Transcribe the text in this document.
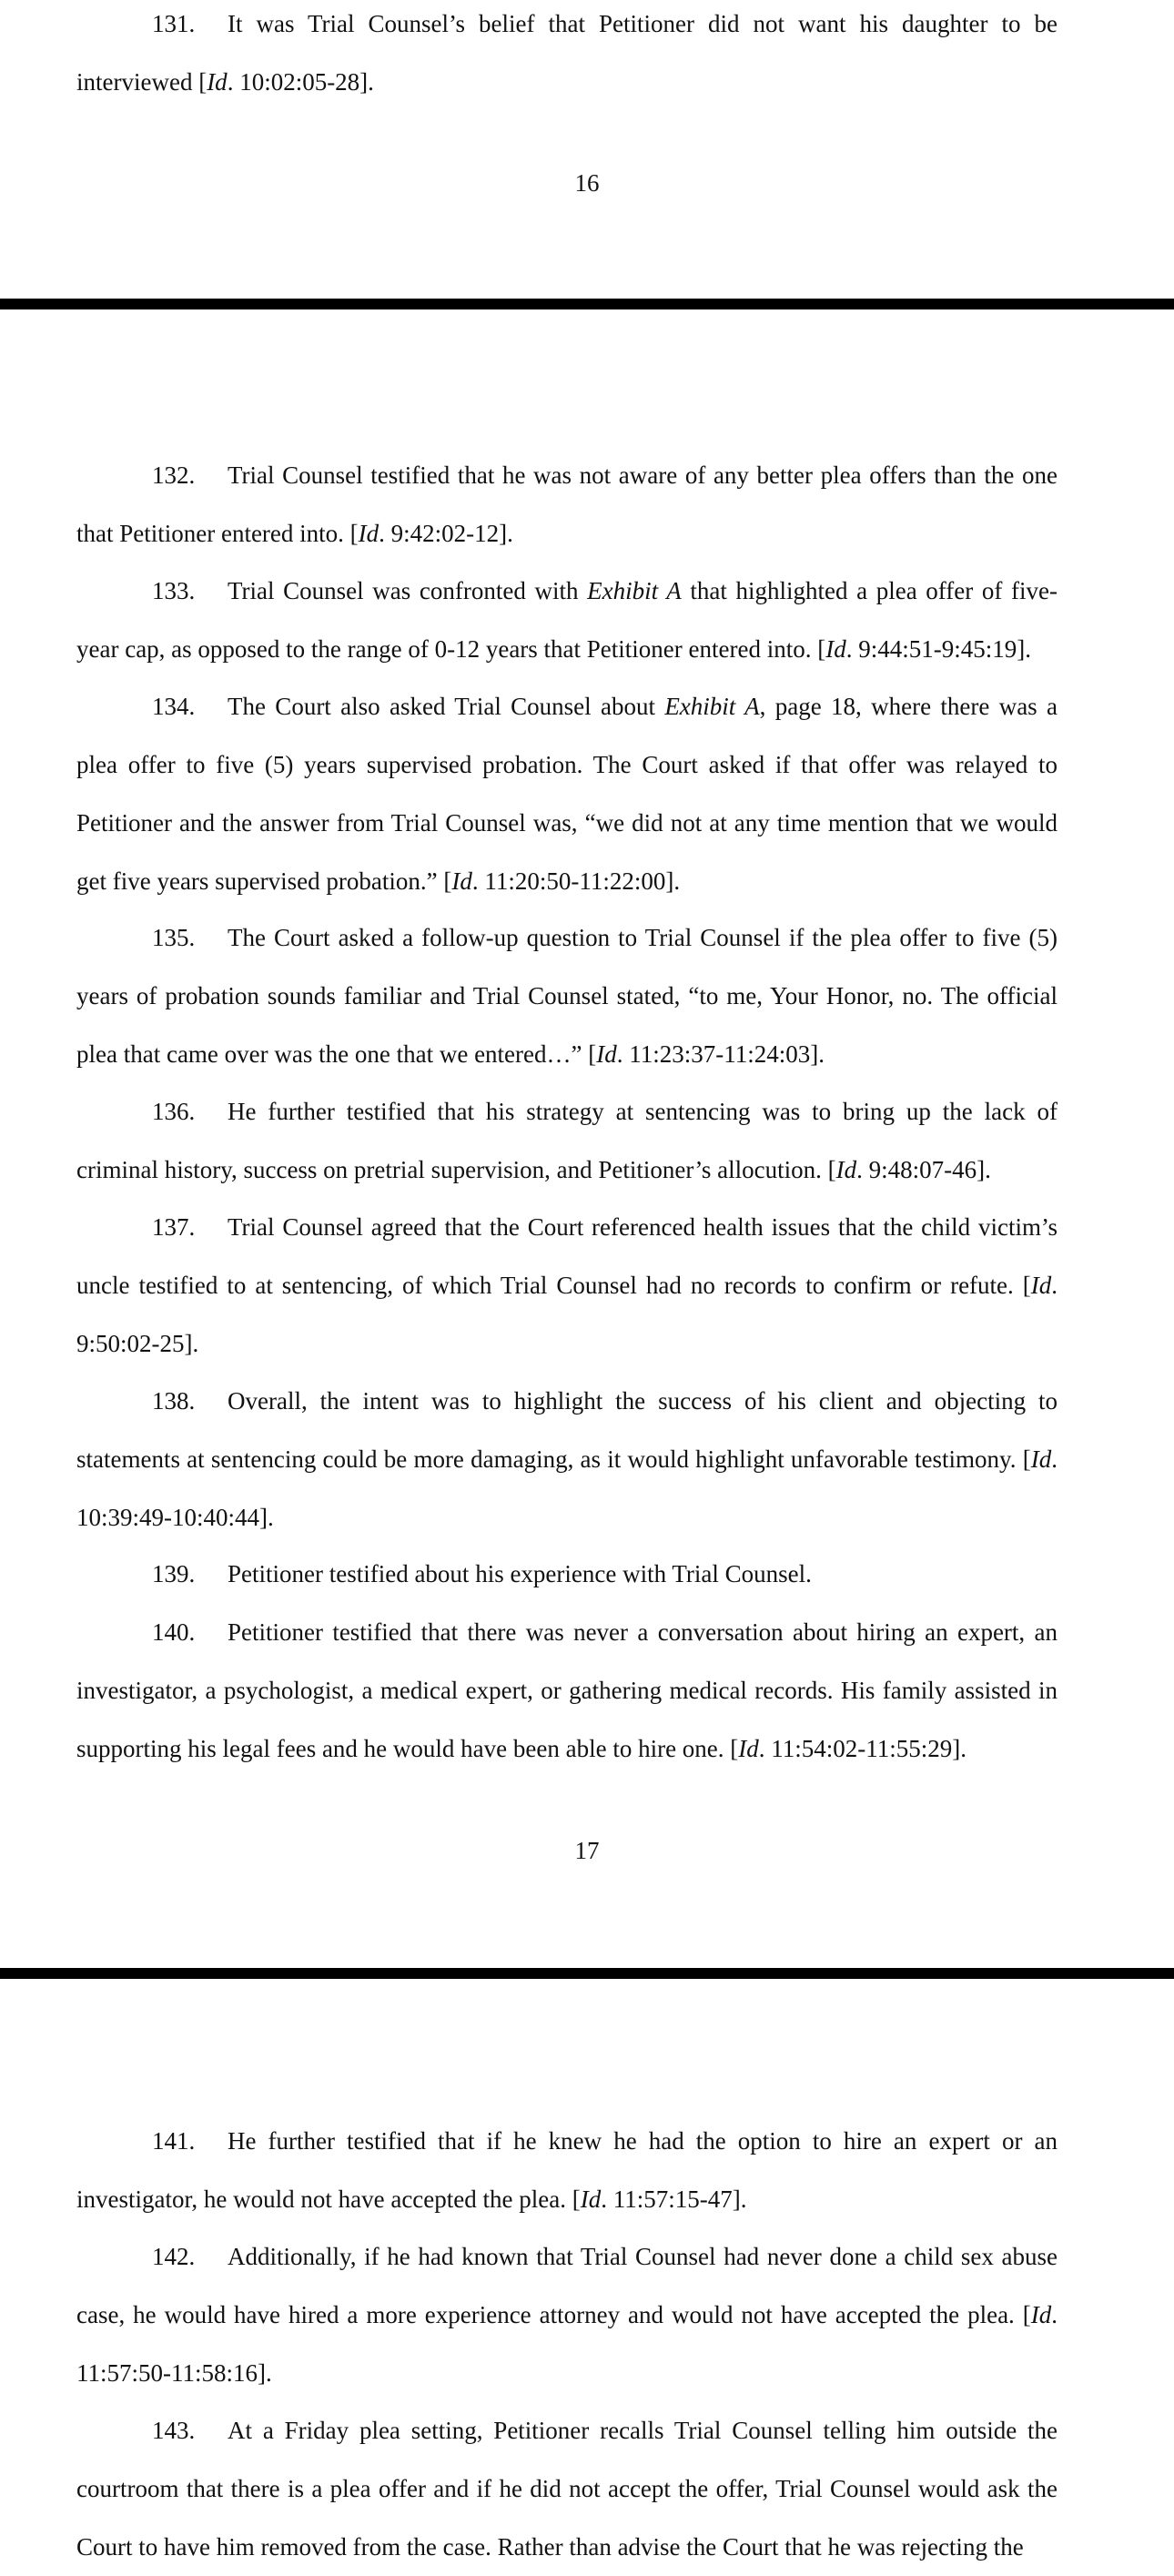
131. It was Trial Counsel’s belief that Petitioner did not want his daughter to be interviewed [Id. 10:02:05-28].

16

132. Trial Counsel testified that he was not aware of any better plea offers than the one that Petitioner entered into. [Id. 9:42:02-12].

133. Trial Counsel was confronted with Exhibit A that highlighted a plea offer of five-year cap, as opposed to the range of 0-12 years that Petitioner entered into. [Id. 9:44:51-9:45:19].

134. The Court also asked Trial Counsel about Exhibit A, page 18, where there was a plea offer to five (5) years supervised probation. The Court asked if that offer was relayed to Petitioner and the answer from Trial Counsel was, “we did not at any time mention that we would get five years supervised probation.” [Id. 11:20:50-11:22:00].

135. The Court asked a follow-up question to Trial Counsel if the plea offer to five (5) years of probation sounds familiar and Trial Counsel stated, “to me, Your Honor, no. The official plea that came over was the one that we entered…” [Id. 11:23:37-11:24:03].

136. He further testified that his strategy at sentencing was to bring up the lack of criminal history, success on pretrial supervision, and Petitioner’s allocution. [Id. 9:48:07-46].

137. Trial Counsel agreed that the Court referenced health issues that the child victim’s uncle testified to at sentencing, of which Trial Counsel had no records to confirm or refute. [Id. 9:50:02-25].

138. Overall, the intent was to highlight the success of his client and objecting to statements at sentencing could be more damaging, as it would highlight unfavorable testimony. [Id. 10:39:49-10:40:44].

139. Petitioner testified about his experience with Trial Counsel.

140. Petitioner testified that there was never a conversation about hiring an expert, an investigator, a psychologist, a medical expert, or gathering medical records. His family assisted in supporting his legal fees and he would have been able to hire one. [Id. 11:54:02-11:55:29].

17

141. He further testified that if he knew he had the option to hire an expert or an investigator, he would not have accepted the plea. [Id. 11:57:15-47].

142. Additionally, if he had known that Trial Counsel had never done a child sex abuse case, he would have hired a more experience attorney and would not have accepted the plea. [Id. 11:57:50-11:58:16].

143. At a Friday plea setting, Petitioner recalls Trial Counsel telling him outside the courtroom that there is a plea offer and if he did not accept the offer, Trial Counsel would ask the Court to have him removed from the case. Rather than advise the Court that he was rejecting the
